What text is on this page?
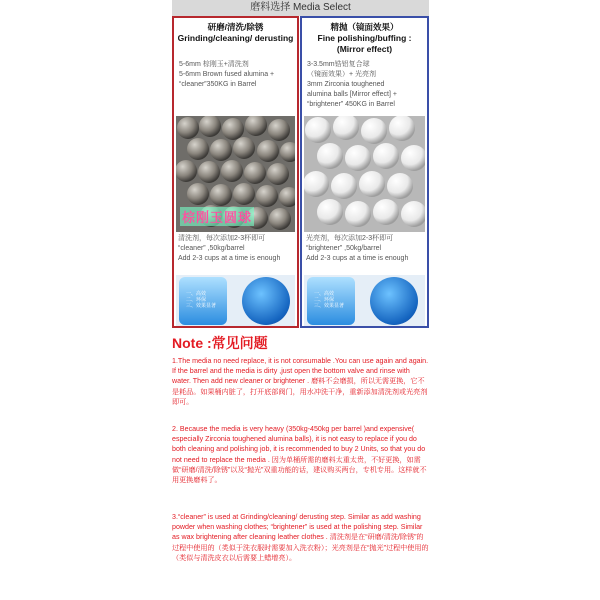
磨料选择 Media Select
研磨/清洗/除锈 Grinding/cleaning/ derusting
5-6mm 棕刚玉+清洗剂
5-6mm Brown fused alumina +
“cleaner”350KG in Barrel
棕刚玉圆球
清洗剂，每次添加2-3杯即可
“cleaner” ,50kg/barrel
Add 2-3 cups at a time is enough
一、高效
二、环保
三、效果显著
精抛（镜面效果）
Fine polishing/buffing :
(Mirror effect)
3-3.5mm锆铝复合球
（镜面效果）+ 光亮剂
3mm Zirconia toughened
alumina balls [Mirror effect] +
“brightener” 450KG in Barrel
光亮剂，每次添加2-3杯即可
“brightener” ,50kg/barrel
Add 2-3 cups at a time is enough
一、高效
二、环保
三、效果显著
Note :常见问题

1.The media no need replace, it is not consumable .You can use again and again. If the barrel and the media is dirty ,just open the bottom valve and rinse with water. Then add new cleaner or brightener . 磨料不会磨损，所以无需更换，它不是耗品。如果桶内脏了，打开底部阀门，用水冲洗干净，重新添加清洗剂或光亮剂即可。

2. Because the media is very heavy (350kg-450kg per barrel )and expensive( especially Zirconia toughened alumina balls), it is not easy to replace if you do both cleaning and polishing job, it is recommended to buy 2 Units, so that you do not need to replace the media . 因为单桶所需的磨料太重太贵，不好更换，如需做“研磨/清洗/除锈”以及“抛光”双重功能的话，建议购买两台，专机专用。这样就不用更换磨料了。

3.“cleaner” is used at Grinding/cleaning/ derusting step. Similar as add washing powder when washing clothes; “brightener” is used at the polishing step. Similar as wax brightening after cleaning leather clothes . 清洗剂是在“研磨/清洗/除锈”的过程中使用的（类似于洗衣服时需要加入洗衣粉）；光亮剂是在“抛光”过程中使用的（类似与清洗皮衣以后需要上蜡增亮）。
